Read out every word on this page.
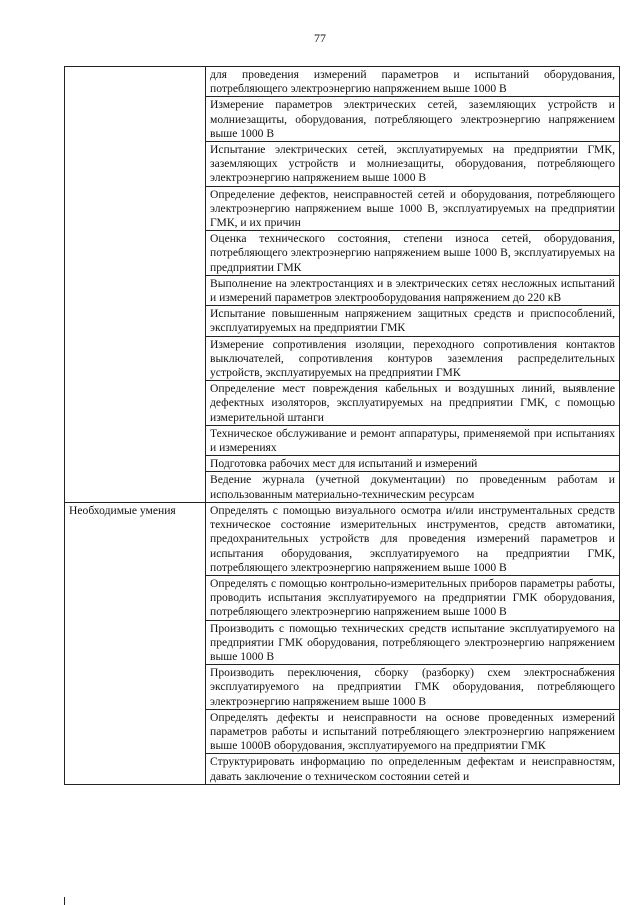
77
	для проведения измерений параметров и испытаний оборудования, потребляющего электроэнергию напряжением выше 1000 В
	Измерение параметров электрических сетей, заземляющих устройств и молниезащиты, оборудования, потребляющего электроэнергию напряжением выше 1000 В
	Испытание электрических сетей, эксплуатируемых на предприятии ГМК, заземляющих устройств и молниезащиты, оборудования, потребляющего электроэнергию напряжением выше 1000 В
	Определение дефектов, неисправностей сетей и оборудования, потребляющего электроэнергию напряжением выше 1000 В, эксплуатируемых на предприятии ГМК, и их причин
	Оценка технического состояния, степени износа сетей, оборудования, потребляющего электроэнергию напряжением выше 1000 В, эксплуатируемых на предприятии ГМК
	Выполнение на электростанциях и в электрических сетях несложных испытаний и измерений параметров электрооборудования напряжением до 220 кВ
	Испытание повышенным напряжением защитных средств и приспособлений, эксплуатируемых на предприятии ГМК
	Измерение сопротивления изоляции, переходного сопротивления контактов выключателей, сопротивления контуров заземления распределительных устройств, эксплуатируемых на предприятии ГМК
	Определение мест повреждения кабельных и воздушных линий, выявление дефектных изоляторов, эксплуатируемых на предприятии ГМК, с помощью измерительной штанги
	Техническое обслуживание и ремонт аппаратуры, применяемой при испытаниях и измерениях
	Подготовка рабочих мест для испытаний и измерений
	Ведение журнала (учетной документации) по проведенным работам и использованным материально-техническим ресурсам
Необходимые умения	Определять с помощью визуального осмотра и/или инструментальных средств техническое состояние измерительных инструментов, средств автоматики, предохранительных устройств для проведения измерений параметров и испытания оборудования, эксплуатируемого на предприятии ГМК, потребляющего электроэнергию напряжением выше 1000 В
	Определять с помощью контрольно-измерительных приборов параметры работы, проводить испытания эксплуатируемого на предприятии ГМК оборудования, потребляющего электроэнергию напряжением выше 1000 В
	Производить с помощью технических средств испытание эксплуатируемого на предприятии ГМК оборудования, потребляющего электроэнергию напряжением выше 1000 В
	Производить переключения, сборку (разборку) схем электроснабжения эксплуатируемого на предприятии ГМК оборудования, потребляющего электроэнергию напряжением выше 1000 В
	Определять дефекты и неисправности на основе проведенных измерений параметров работы и испытаний потребляющего электроэнергию напряжением выше 1000В оборудования, эксплуатируемого на предприятии ГМК
	Структурировать информацию по определенным дефектам и неисправностям, давать заключение о техническом состоянии сетей и
